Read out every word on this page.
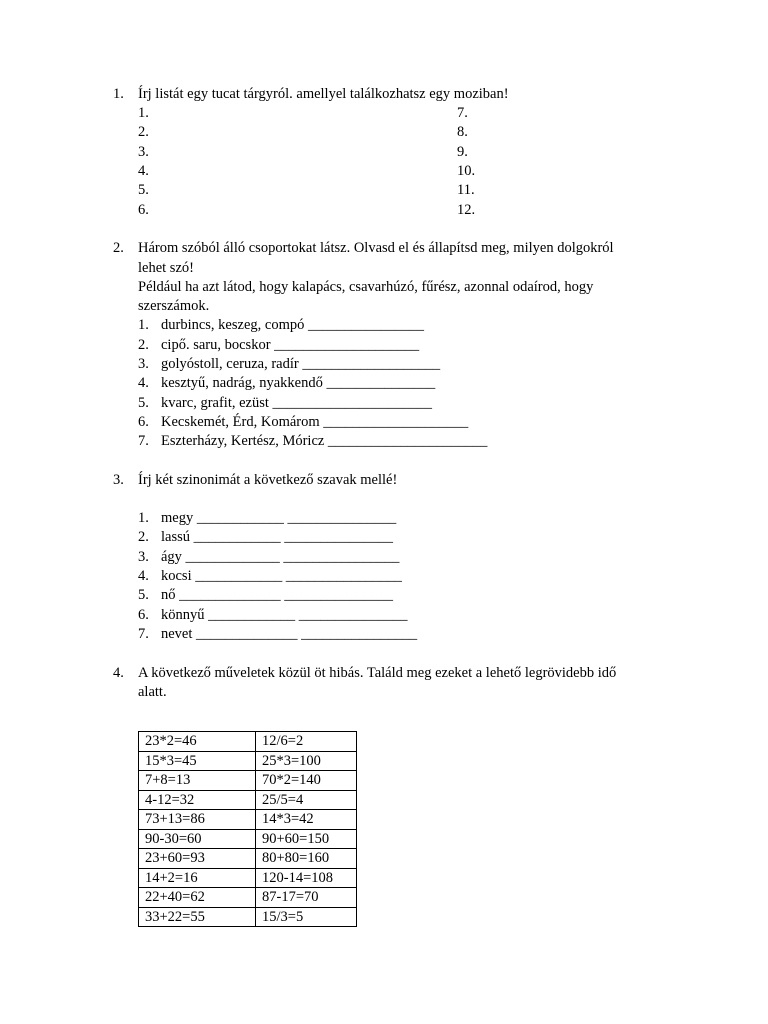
1. Írj listát egy tucat tárgyról. amellyel találkozhatsz egy moziban!
1.
2.
3.
4.
5.
6.
7.
8.
9.
10.
11.
12.
2. Három szóból álló csoportokat látsz. Olvasd el és állapítsd meg, milyen dolgokról
lehet szó!
Például ha azt látod, hogy kalapács, csavarhúzó, fűrész, azonnal odaírod, hogy
szerszámok.
1. durbincs, keszeg, compó ________________
2. cipő. saru, bocskor ____________________
3. golyóstoll, ceruza, radír ___________________
4. kesztyű, nadrág, nyakkendő _______________
5. kvarc, grafit, ezüst ______________________
6. Kecskemét, Érd, Komárom ____________________
7. Eszterházy, Kertész, Móricz ______________________
3. Írj két szinonimát a következő szavak mellé!
1. megy ____________ _______________
2. lassú ____________ _______________
3. ágy _____________ ________________
4. kocsi ____________ ________________
5. nő ______________ _______________
6. könnyű ____________ _______________
7. nevet ______________ ________________
4. A következő műveletek közül öt hibás. Találd meg ezeket a lehető legrövidebb idő
alatt.
23*2=46	12/6=2
15*3=45	25*3=100
7+8=13	70*2=140
4-12=32	25/5=4
73+13=86	14*3=42
90-30=60	90+60=150
23+60=93	80+80=160
14+2=16	120-14=108
22+40=62	87-17=70
33+22=55	15/3=5
